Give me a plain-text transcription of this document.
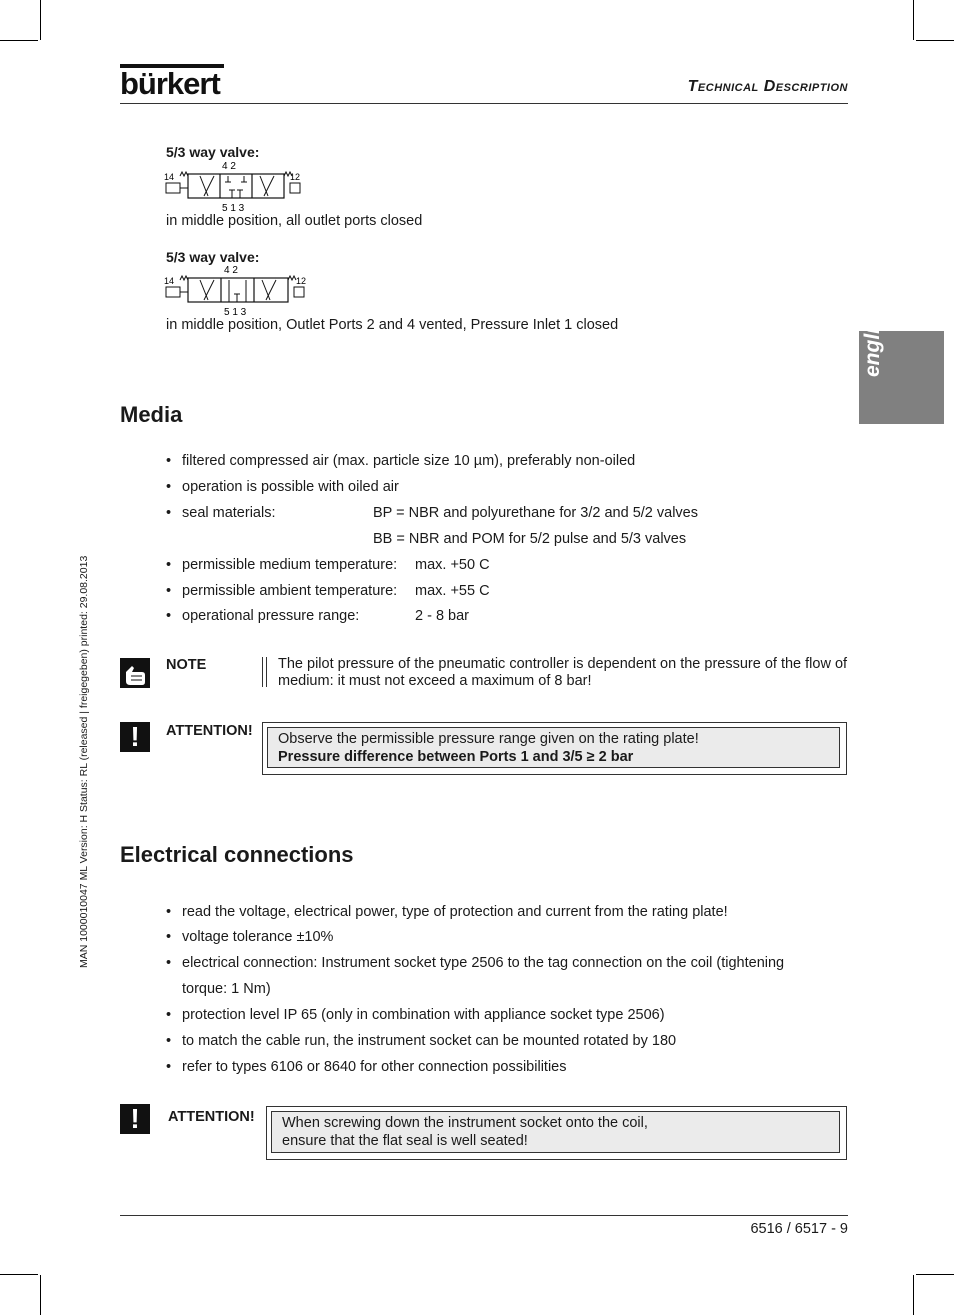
bürkert	Technical Description
english
MAN 1000010047 ML Version: H Status: RL (released | freigegeben) printed: 29.08.2013
5/3 way valve:
4 2
14	12
5 1 3
in middle position, all outlet ports closed
5/3 way valve:
4 2
14	12
5 1 3
in middle position, Outlet Ports 2 and 4 vented, Pressure Inlet 1 closed
Media
• filtered compressed air (max. particle size 10 µm), preferably non-oiled
• operation is possible with oiled air
• seal materials:	BP = NBR and polyurethane for 3/2 and 5/2 valves
BB = NBR and POM for 5/2 pulse and 5/3 valves
• permissible medium temperature: max. +50 C
• permissible ambient temperature: max. +55 C
• operational pressure range:	2 - 8 bar
NOTE	The pilot pressure of the pneumatic controller is dependent on the pressure of the flow of medium: it must not exceed a maximum of 8 bar!
!	ATTENTION! Observe the permissible pressure range given on the rating plate!
Pressure difference between Ports 1 and 3/5 ≥ 2 bar
Electrical connections
• read the voltage, electrical power, type of protection and current from the rating plate!
• voltage tolerance ±10%
• electrical connection: Instrument socket type 2506 to the tag connection on the coil (tightening
torque: 1 Nm)
• protection level IP 65 (only in combination with appliance socket type 2506)
• to match the cable run, the instrument socket can be mounted rotated by 180
• refer to types 6106 or 8640 for other connection possibilities
!	ATTENTION! When screwing down the instrument socket onto the coil,
ensure that the flat seal is well seated!
6516 / 6517 - 9
